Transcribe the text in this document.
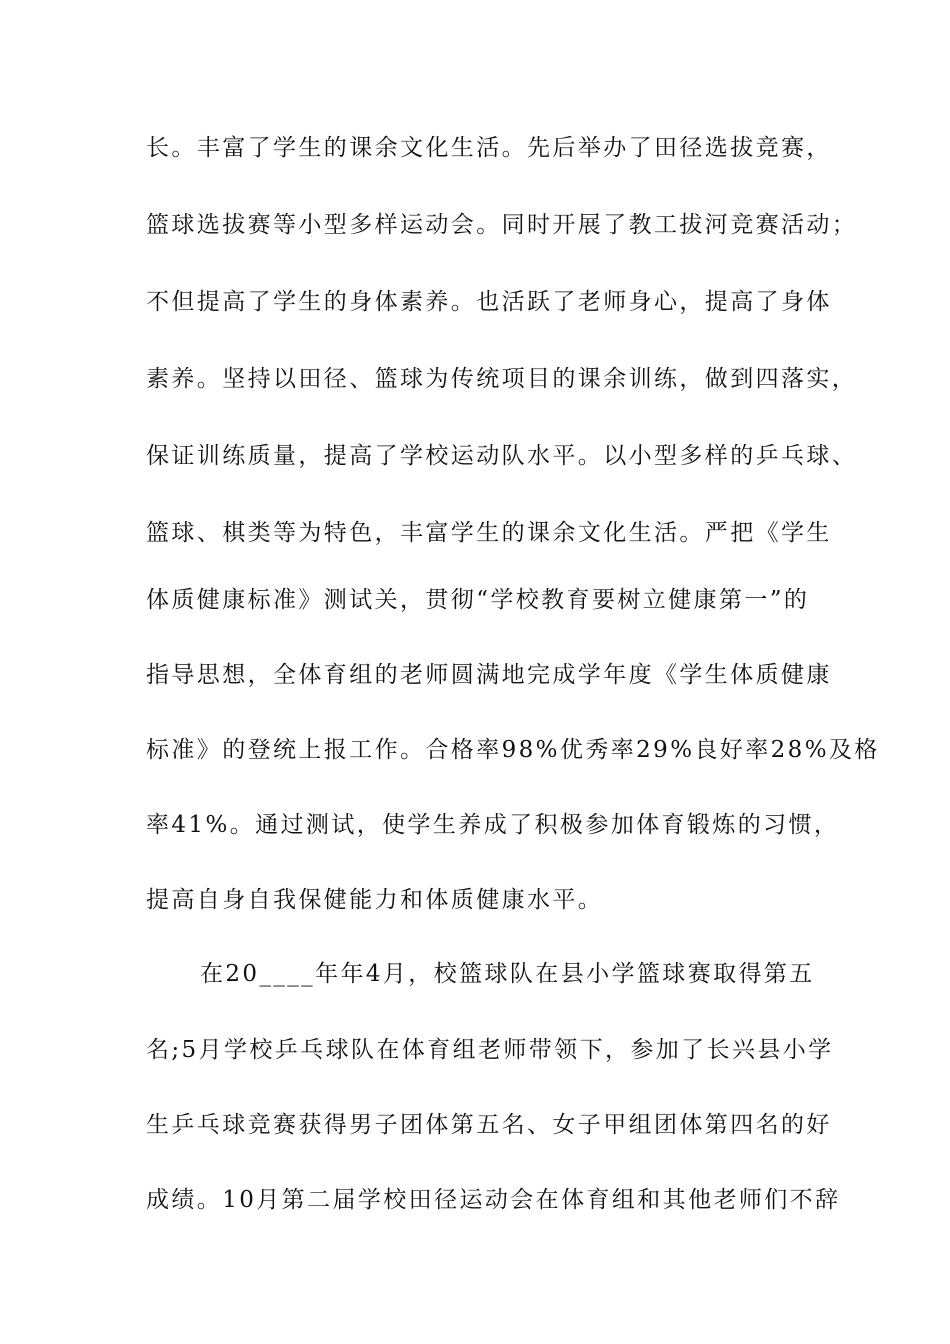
长。丰富了学生的课余文化生活。先后举办了田径选拔竞赛，
篮球选拔赛等小型多样运动会。同时开展了教工拔河竞赛活动；
不但提高了学生的身体素养。也活跃了老师身心，提高了身体
素养。坚持以田径、篮球为传统项目的课余训练，做到四落实，
保证训练质量，提高了学校运动队水平。以小型多样的乒乓球、
篮球、棋类等为特色，丰富学生的课余文化生活。严把《学生
体质健康标准》测试关，贯彻“学校教育要树立健康第一”的
指导思想，全体育组的老师圆满地完成学年度《学生体质健康
标准》的登统上报工作。合格率98%优秀率29%良好率28%及格
率41%。通过测试，使学生养成了积极参加体育锻炼的习惯，
提高自身自我保健能力和体质健康水平。
在20____年年4月，校篮球队在县小学篮球赛取得第五
名;5月学校乒乓球队在体育组老师带领下，参加了长兴县小学
生乒乓球竞赛获得男子团体第五名、女子甲组团体第四名的好
成绩。10月第二届学校田径运动会在体育组和其他老师们不辞
